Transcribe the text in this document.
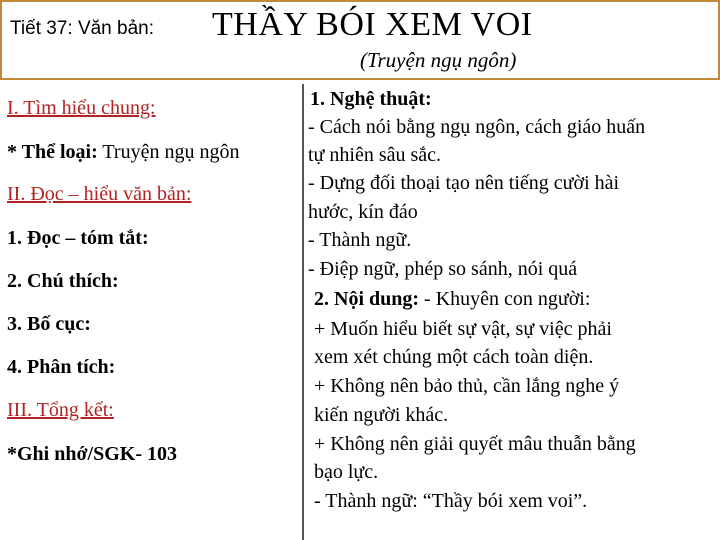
Tiết 37: Văn bản: THẦY BÓI XEM VOI
(Truyện ngụ ngôn)
I. Tìm hiểu chung:
* Thể loại: Truyện ngụ ngôn
II. Đọc – hiểu văn bản:
1. Đọc – tóm tắt:
2. Chú thích:
3. Bố cục:
4. Phân tích:
III. Tổng kết:
*Ghi nhớ/SGK- 103
1. Nghệ thuật:
- Cách nói bằng ngụ ngôn, cách giáo huấn
tự nhiên sâu sắc.
- Dựng đối thoại tạo nên tiếng cười hài
hước, kín đáo
- Thành ngữ.
- Điệp ngữ, phép so sánh, nói quá
2. Nội dung: - Khuyên con người:
+ Muốn hiểu biết sự vật, sự việc phải
xem xét chúng một cách toàn diện.
+ Không nên bảo thủ, cần lắng nghe ý
kiến người khác.
+ Không nên giải quyết mâu thuẫn bằng
bạo lực.
- Thành ngữ: “Thầy bói xem voi”.
